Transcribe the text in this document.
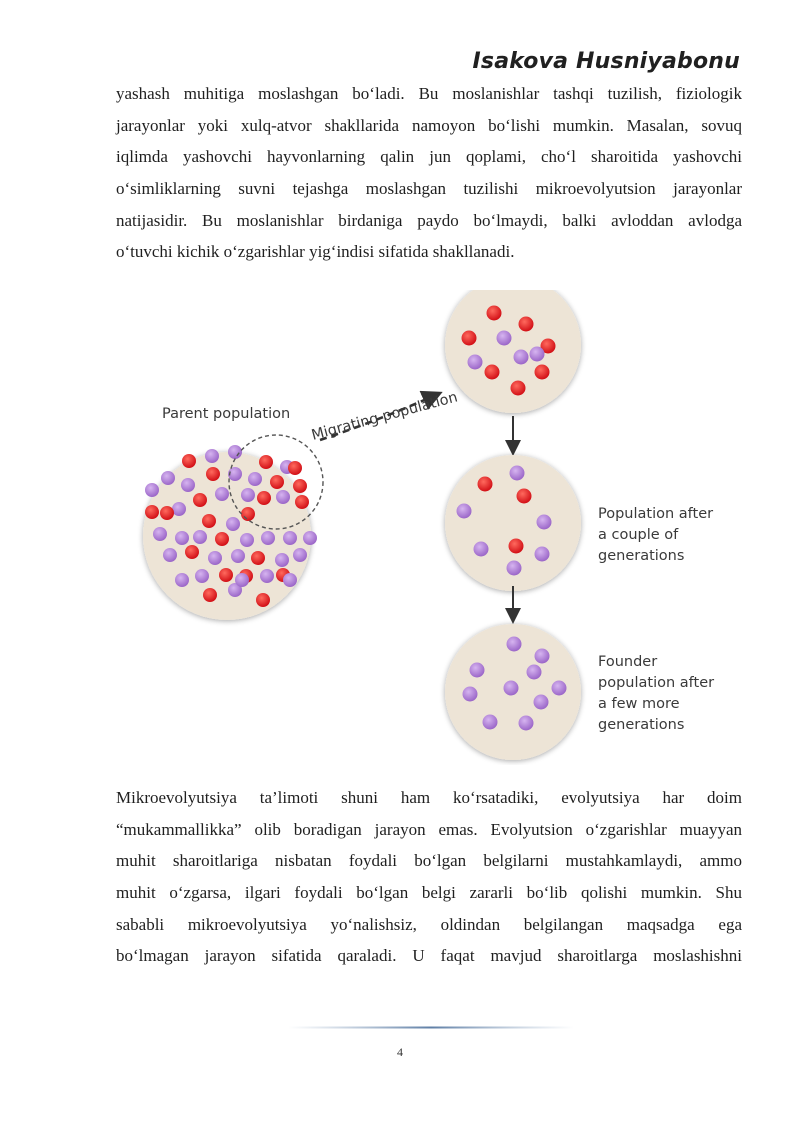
Isakova Husniyabonu
yashash muhitiga moslashgan bo‘ladi. Bu moslanishlar tashqi tuzilish, fiziologik
jarayonlar yoki xulq-atvor shakllarida namoyon bo‘lishi mumkin. Masalan, sovuq
iqlimda yashovchi hayvonlarning qalin jun qoplami, cho‘l sharoitida yashovchi
o‘simliklarning suvni tejashga moslashgan tuzilishi mikroevolyutsion jarayonlar
natijasidir. Bu moslanishlar birdaniga paydo bo‘lmaydi, balki avloddan avlodga
o‘tuvchi kichik o‘zgarishlar yig‘indisi sifatida shakllanadi.
Parent population Migrating population
Population after
a couple of
generations
Founder
population after
a few more
generations
Mikroevolyutsiya ta’limoti shuni ham ko‘rsatadiki, evolyutsiya har doim
“mukammallikka” olib boradigan jarayon emas. Evolyutsion o‘zgarishlar muayyan
muhit sharoitlariga nisbatan foydali bo‘lgan belgilarni mustahkamlaydi, ammo
muhit o‘zgarsa, ilgari foydali bo‘lgan belgi zararli bo‘lib qolishi mumkin. Shu
sababli mikroevolyutsiya yo‘nalishsiz, oldindan belgilangan maqsadga ega
bo‘lmagan jarayon sifatida qaraladi. U faqat mavjud sharoitlarga moslashishni
4
